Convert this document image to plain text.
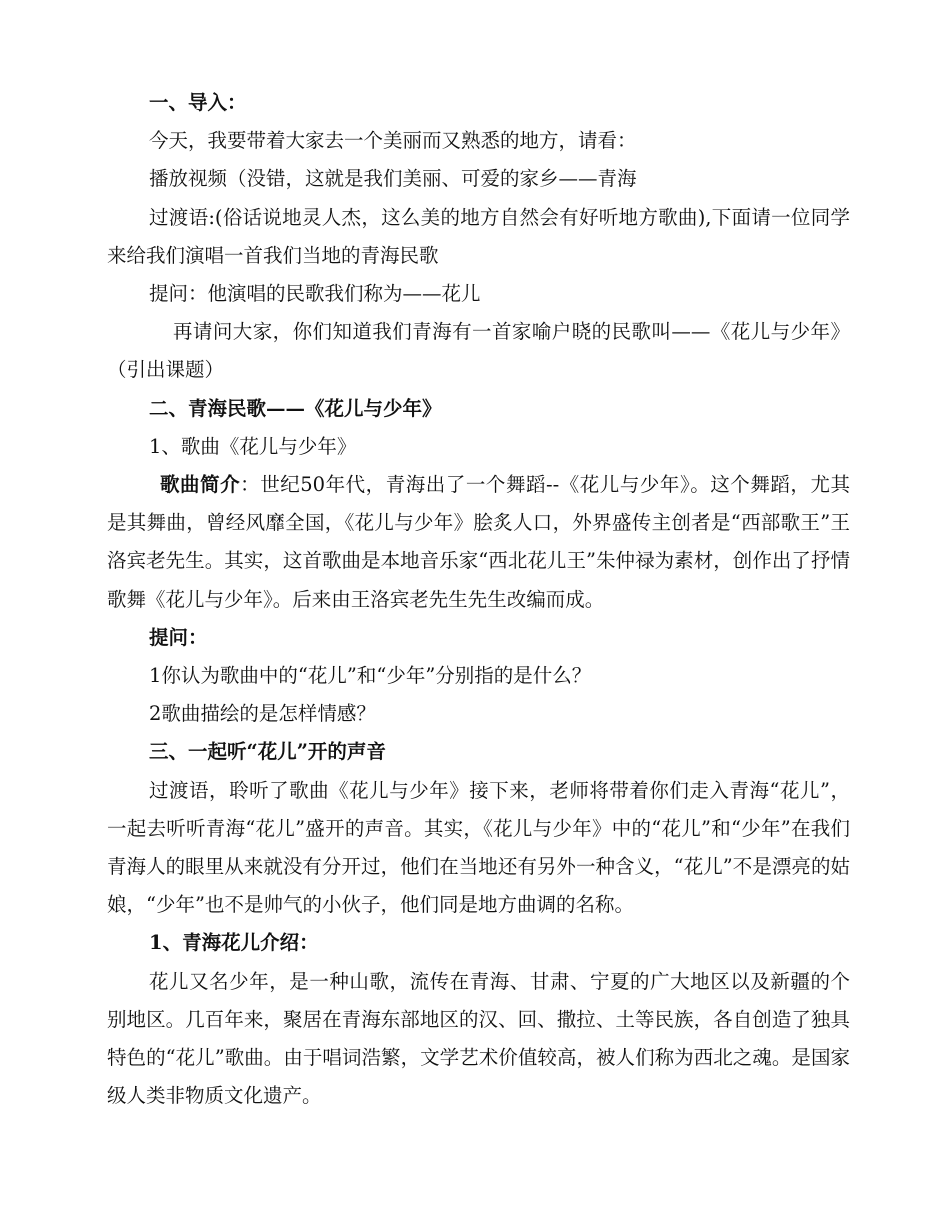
一、导入：

今天，我要带着大家去一个美丽而又熟悉的地方，请看：

播放视频（没错，这就是我们美丽、可爱的家乡——青海

过渡语:(俗话说地灵人杰，这么美的地方自然会有好听地方歌曲),下面请一位同学来给我们演唱一首我们当地的青海民歌

提问：他演唱的民歌我们称为——花儿

再请问大家，你们知道我们青海有一首家喻户晓的民歌叫——《花儿与少年》（引出课题）

二、青海民歌——《花儿与少年》

1、歌曲《花儿与少年》

歌曲简介：世纪50年代，青海出了一个舞蹈--《花儿与少年》。这个舞蹈，尤其是其舞曲，曾经风靡全国，《花儿与少年》脍炙人口，外界盛传主创者是“西部歌王”王洛宾老先生。其实，这首歌曲是本地音乐家“西北花儿王”朱仲禄为素材，创作出了抒情歌舞《花儿与少年》。后来由王洛宾老先生先生改编而成。

提问：

1你认为歌曲中的“花儿”和“少年”分别指的是什么？

2歌曲描绘的是怎样情感？

三、一起听“花儿”开的声音

过渡语，聆听了歌曲《花儿与少年》接下来，老师将带着你们走入青海“花儿”，一起去听听青海“花儿”盛开的声音。其实，《花儿与少年》中的“花儿”和“少年”在我们青海人的眼里从来就没有分开过，他们在当地还有另外一种含义，“花儿”不是漂亮的姑娘，“少年”也不是帅气的小伙子，他们同是地方曲调的名称。

1、青海花儿介绍：

花儿又名少年，是一种山歌，流传在青海、甘肃、宁夏的广大地区以及新疆的个别地区。几百年来，聚居在青海东部地区的汉、回、撒拉、土等民族，各自创造了独具特色的“花儿”歌曲。由于唱词浩繁，文学艺术价值较高，被人们称为西北之魂。是国家级人类非物质文化遗产。
